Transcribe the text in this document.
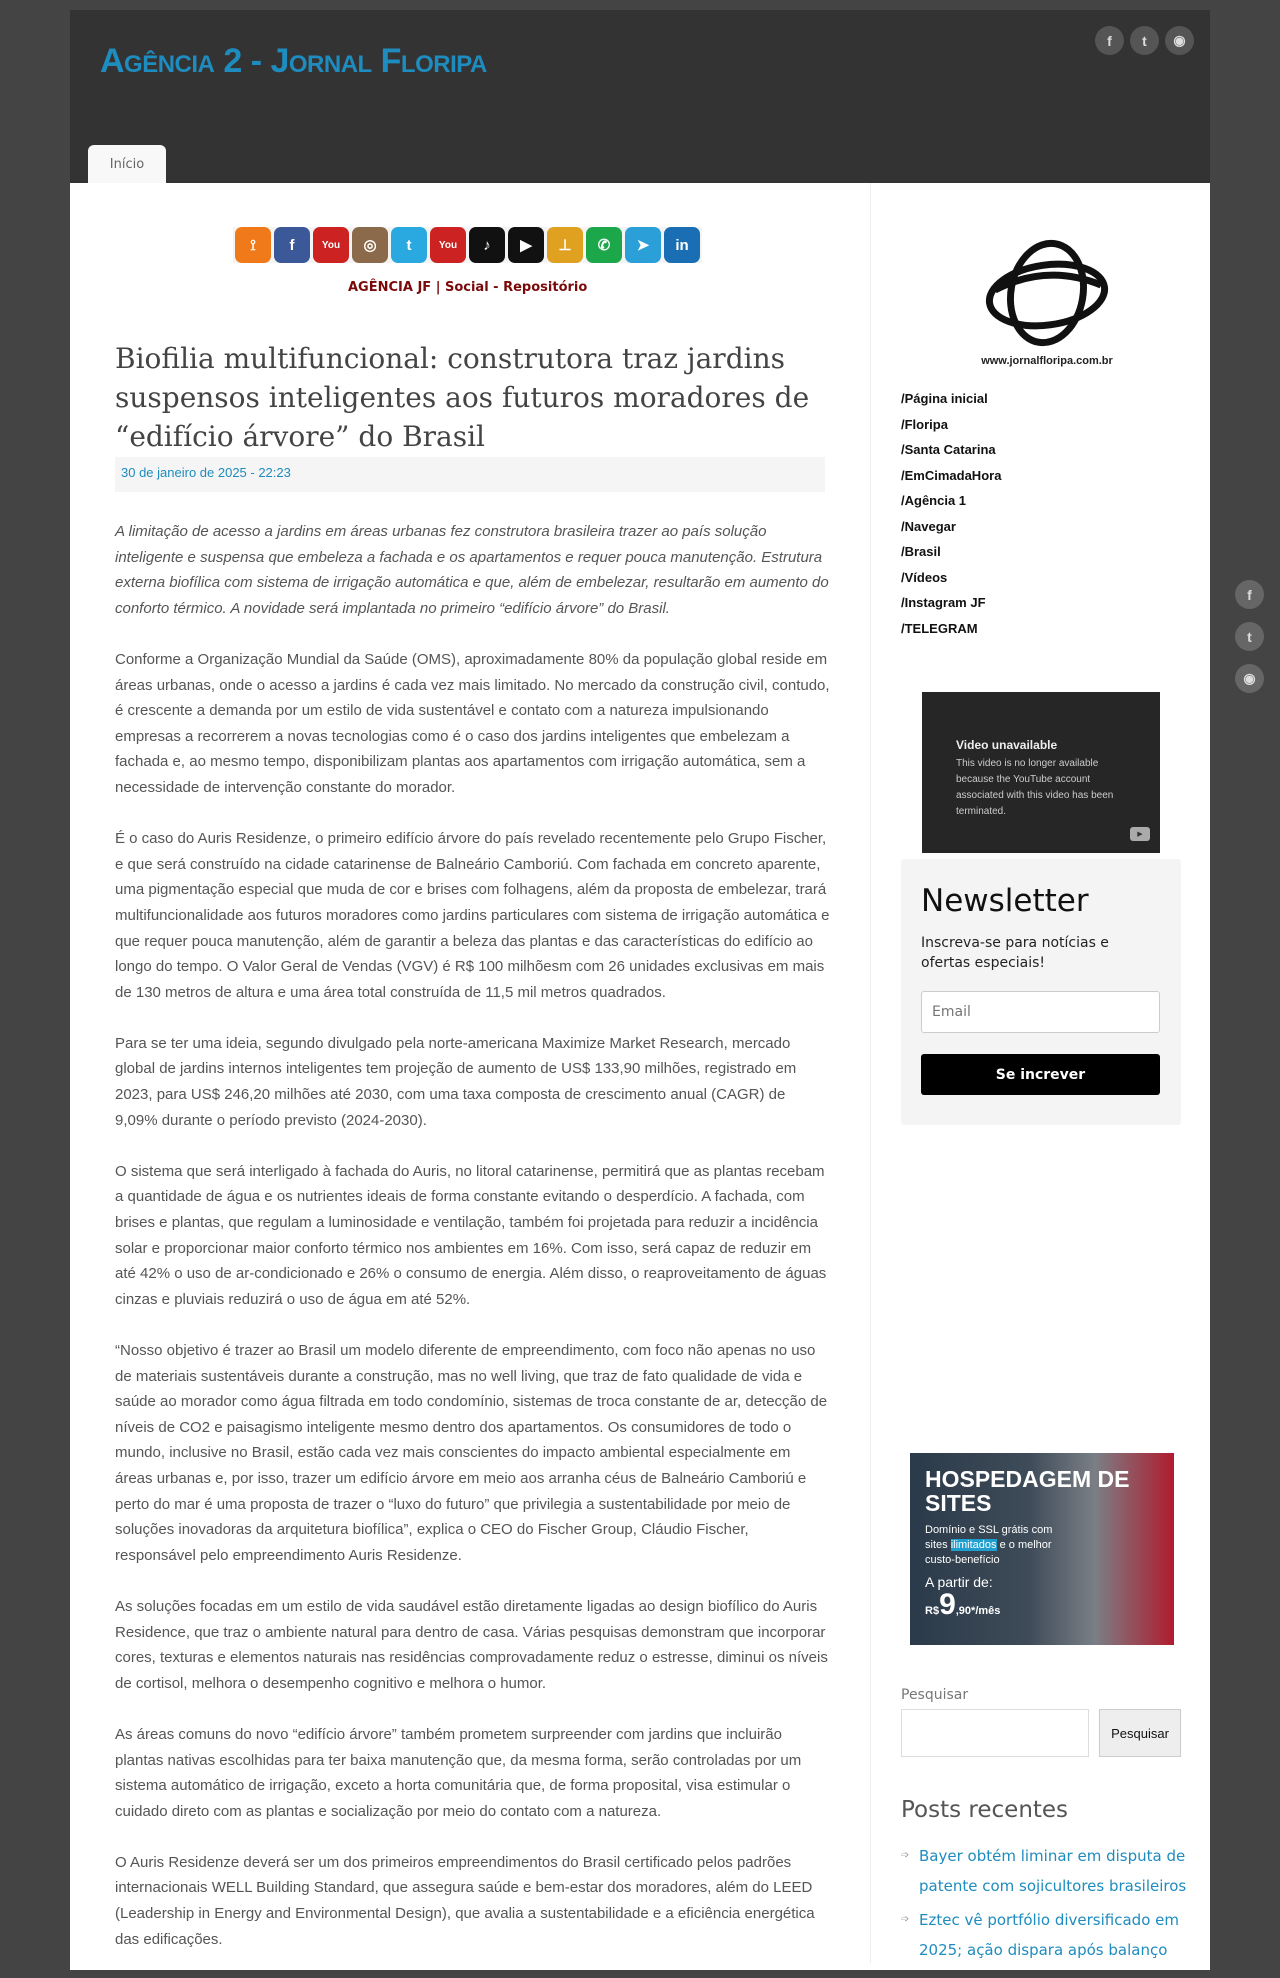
Agência 2 - Jornal Floripa
f	t	◉
Início
⟟	f	You	◎	t	You	♪	▶	⊥	✆	➤	in
AGÊNCIA JF | Social - Repositório
Biofilia multifuncional: construtora traz jardins suspensos inteligentes aos futuros moradores de “edifício árvore” do Brasil
30 de janeiro de 2025 - 22:23

A limitação de acesso a jardins em áreas urbanas fez construtora brasileira trazer ao país solução inteligente e suspensa que embeleza a fachada e os apartamentos e requer pouca manutenção. Estrutura externa biofílica com sistema de irrigação automática e que, além de embelezar, resultarão em aumento do conforto térmico. A novidade será implantada no primeiro “edifício árvore” do Brasil.

Conforme a Organização Mundial da Saúde (OMS), aproximadamente 80% da população global reside em áreas urbanas, onde o acesso a jardins é cada vez mais limitado. No mercado da construção civil, contudo, é crescente a demanda por um estilo de vida sustentável e contato com a natureza impulsionando empresas a recorrerem a novas tecnologias como é o caso dos jardins inteligentes que embelezam a fachada e, ao mesmo tempo, disponibilizam plantas aos apartamentos com irrigação automática, sem a necessidade de intervenção constante do morador.

É o caso do Auris Residenze, o primeiro edifício árvore do país revelado recentemente pelo Grupo Fischer, e que será construído na cidade catarinense de Balneário Camboriú. Com fachada em concreto aparente, uma pigmentação especial que muda de cor e brises com folhagens, além da proposta de embelezar, trará multifuncionalidade aos futuros moradores como jardins particulares com sistema de irrigação automática e que requer pouca manutenção, além de garantir a beleza das plantas e das características do edifício ao longo do tempo. O Valor Geral de Vendas (VGV) é R$ 100 milhõesm com 26 unidades exclusivas em mais de 130 metros de altura e uma área total construída de 11,5 mil metros quadrados.

Para se ter uma ideia, segundo divulgado pela norte-americana Maximize Market Research, mercado global de jardins internos inteligentes tem projeção de aumento de US$ 133,90 milhões, registrado em 2023, para US$ 246,20 milhões até 2030, com uma taxa composta de crescimento anual (CAGR) de 9,09% durante o período previsto (2024-2030).

O sistema que será interligado à fachada do Auris, no litoral catarinense, permitirá que as plantas recebam a quantidade de água e os nutrientes ideais de forma constante evitando o desperdício. A fachada, com brises e plantas, que regulam a luminosidade e ventilação, também foi projetada para reduzir a incidência solar e proporcionar maior conforto térmico nos ambientes em 16%. Com isso, será capaz de reduzir em até 42% o uso de ar-condicionado e 26% o consumo de energia. Além disso, o reaproveitamento de águas cinzas e pluviais reduzirá o uso de água em até 52%.

“Nosso objetivo é trazer ao Brasil um modelo diferente de empreendimento, com foco não apenas no uso de materiais sustentáveis durante a construção, mas no well living, que traz de fato qualidade de vida e saúde ao morador como água filtrada em todo condomínio, sistemas de troca constante de ar, detecção de níveis de CO2 e paisagismo inteligente mesmo dentro dos apartamentos. Os consumidores de todo o mundo, inclusive no Brasil, estão cada vez mais conscientes do impacto ambiental especialmente em áreas urbanas e, por isso, trazer um edifício árvore em meio aos arranha céus de Balneário Camboriú e perto do mar é uma proposta de trazer o “luxo do futuro” que privilegia a sustentabilidade por meio de soluções inovadoras da arquitetura biofílica”, explica o CEO do Fischer Group, Cláudio Fischer, responsável pelo empreendimento Auris Residenze.

As soluções focadas em um estilo de vida saudável estão diretamente ligadas ao design biofílico do Auris Residence, que traz o ambiente natural para dentro de casa. Várias pesquisas demonstram que incorporar cores, texturas e elementos naturais nas residências comprovadamente reduz o estresse, diminui os níveis de cortisol, melhora o desempenho cognitivo e melhora o humor.

As áreas comuns do novo “edifício árvore” também prometem surpreender com jardins que incluirão plantas nativas escolhidas para ter baixa manutenção que, da mesma forma, serão controladas por um sistema automático de irrigação, exceto a horta comunitária que, de forma proposital, visa estimular o cuidado direto com as plantas e socialização por meio do contato com a natureza.

O Auris Residenze deverá ser um dos primeiros empreendimentos do Brasil certificado pelos padrões internacionais WELL Building Standard, que assegura saúde e bem-estar dos moradores, além do LEED (Leadership in Energy and Environmental Design), que avalia a sustentabilidade e a eficiência energética das edificações.

www.jornalfloripa.com.br
/Página inicial
/Floripa
/Santa Catarina
/EmCimadaHora
/Agência 1
/Navegar
/Brasil
/Vídeos
/Instagram JF
/TELEGRAM
Video unavailable
This video is no longer available because the YouTube account associated with this video has been terminated.
▶
Newsletter

Inscreva-se para notícias e ofertas especiais!

Email
Se increver
HOSPEDAGEM DE SITES
Domínio e SSL grátis com sites ilimitados e o melhor custo-benefício
A partir de:
R$9,90*/mês
Pesquisar
Pesquisar
Posts recentes
➩ Bayer obtém liminar em disputa de patente com sojicultores brasileiros
➩ Eztec vê portfólio diversificado em 2025; ação dispara após balanço
f
t
◉
